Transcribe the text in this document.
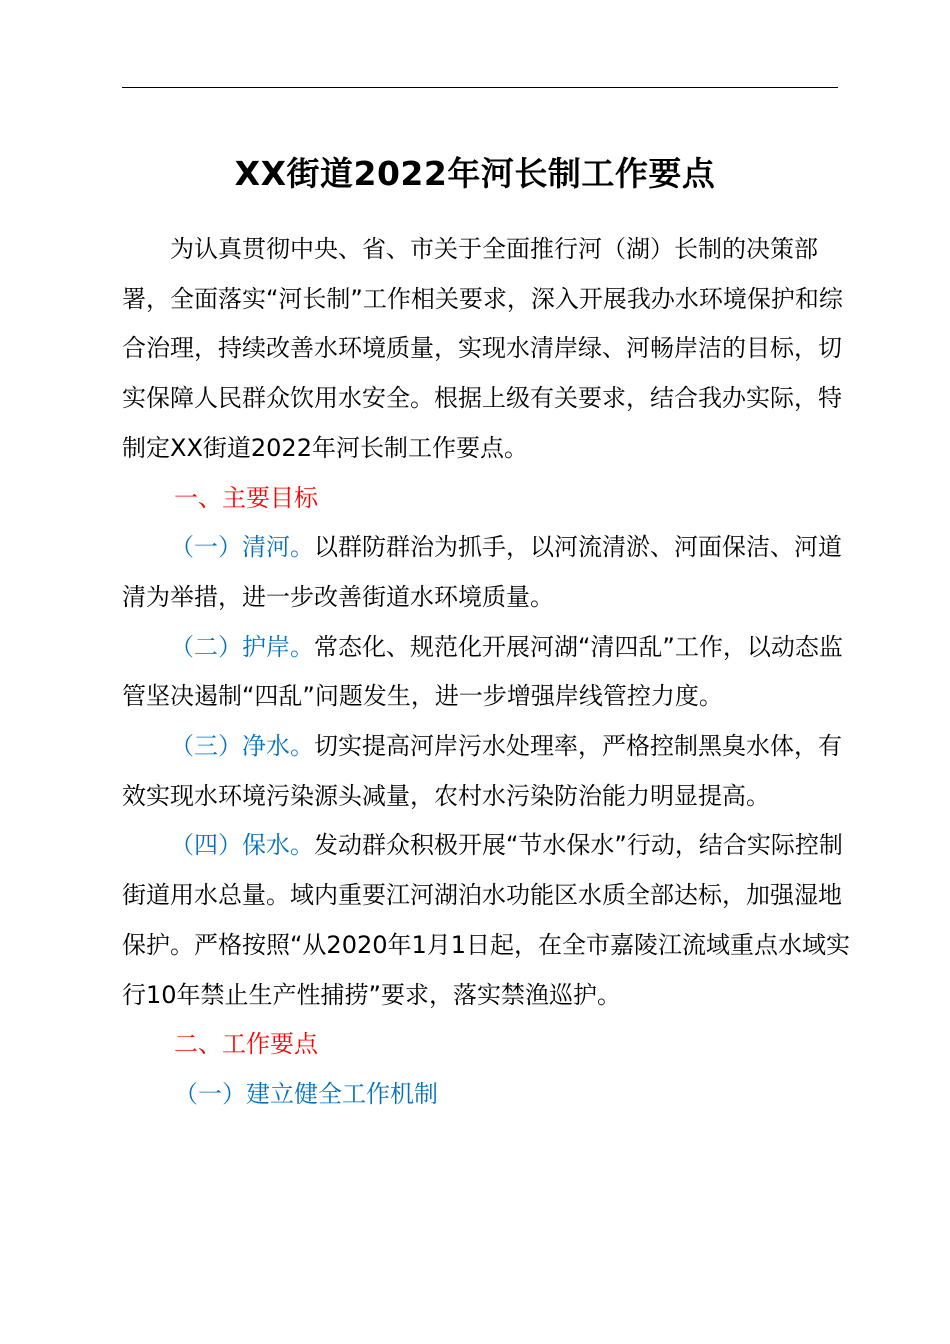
XX街道2022年河长制工作要点

为认真贯彻中央、省、市关于全面推行河（湖）长制的决策部署，全面落实“河长制”工作相关要求，深入开展我办水环境保护和综合治理，持续改善水环境质量，实现水清岸绿、河畅岸洁的目标，切实保障人民群众饮用水安全。根据上级有关要求，结合我办实际，特制定XX街道2022年河长制工作要点。

一、主要目标

（一）清河。以群防群治为抓手，以河流清淤、河面保洁、河道清为举措，进一步改善街道水环境质量。

（二）护岸。常态化、规范化开展河湖“清四乱”工作，以动态监管坚决遏制“四乱”问题发生，进一步增强岸线管控力度。

（三）净水。切实提高河岸污水处理率，严格控制黑臭水体，有效实现水环境污染源头减量，农村水污染防治能力明显提高。

（四）保水。发动群众积极开展“节水保水”行动，结合实际控制街道用水总量。域内重要江河湖泊水功能区水质全部达标，加强湿地保护。严格按照“从2020年1月1日起，在全市嘉陵江流域重点水域实行10年禁止生产性捕捞”要求，落实禁渔巡护。

二、工作要点

（一）建立健全工作机制
